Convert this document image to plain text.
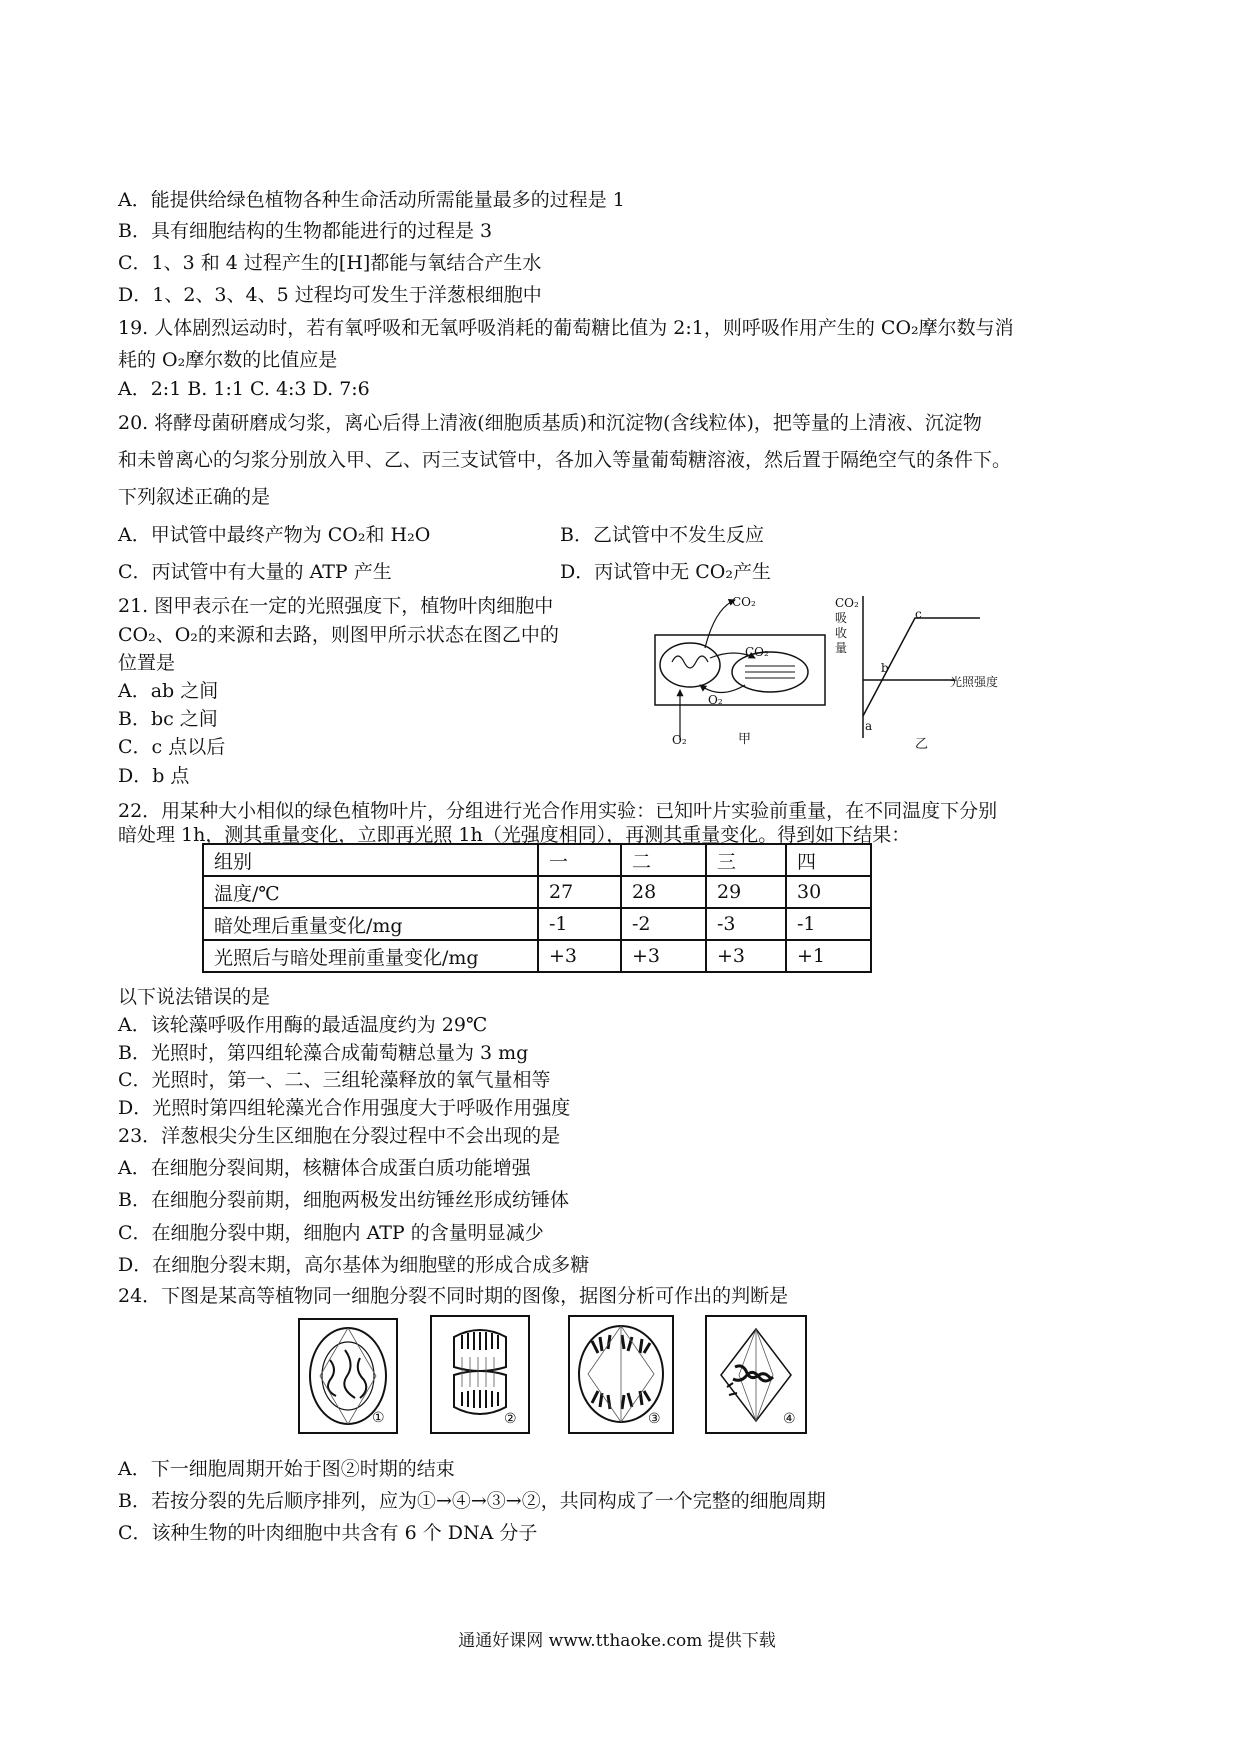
A．能提供给绿色植物各种生命活动所需能量最多的过程是 1
B．具有细胞结构的生物都能进行的过程是 3
C．1、3 和 4 过程产生的[H]都能与氧结合产生水
D．1、2、3、4、5 过程均可发生于洋葱根细胞中
19. 人体剧烈运动时，若有氧呼吸和无氧呼吸消耗的葡萄糖比值为 2:1，则呼吸作用产生的 CO₂摩尔数与消
耗的 O₂摩尔数的比值应是
A．2:1 B. 1:1 C. 4:3 D. 7:6
20. 将酵母菌研磨成匀浆，离心后得上清液(细胞质基质)和沉淀物(含线粒体)，把等量的上清液、沉淀物
和未曾离心的匀浆分别放入甲、乙、丙三支试管中，各加入等量葡萄糖溶液，然后置于隔绝空气的条件下。
下列叙述正确的是
A．甲试管中最终产物为 CO₂和 H₂O	B．乙试管中不发生反应
C．丙试管中有大量的 ATP 产生	D．丙试管中无 CO₂产生
21. 图甲表示在一定的光照强度下，植物叶肉细胞中
CO₂、O₂的来源和去路，则图甲所示状态在图乙中的
位置是
A．ab 之间
B．bc 之间
C．c 点以后
D．b 点
CO₂
CO₂
O₂
O₂	甲
CO₂吸收量
光照强度
a
b
c
乙
22．用某种大小相似的绿色植物叶片，分组进行光合作用实验：已知叶片实验前重量，在不同温度下分别
暗处理 1h，测其重量变化，立即再光照 1h（光强度相同），再测其重量变化。得到如下结果：
组别	一	二	三	四
温度/℃	27	28	29	30
暗处理后重量变化/mg	-1	-2	-3	-1
光照后与暗处理前重量变化/mg	+3	+3	+3	+1
以下说法错误的是
A．该轮藻呼吸作用酶的最适温度约为 29℃
B．光照时，第四组轮藻合成葡萄糖总量为 3 mg
C．光照时，第一、二、三组轮藻释放的氧气量相等
D．光照时第四组轮藻光合作用强度大于呼吸作用强度
23．洋葱根尖分生区细胞在分裂过程中不会出现的是
A．在细胞分裂间期，核糖体合成蛋白质功能增强
B．在细胞分裂前期，细胞两极发出纺锤丝形成纺锤体
C．在细胞分裂中期，细胞内 ATP 的含量明显减少
D．在细胞分裂末期，高尔基体为细胞壁的形成合成多糖
24．下图是某高等植物同一细胞分裂不同时期的图像，据图分析可作出的判断是
①	②	③	④
A．下一细胞周期开始于图②时期的结束
B．若按分裂的先后顺序排列，应为①→④→③→②，共同构成了一个完整的细胞周期
C．该种生物的叶肉细胞中共含有 6 个 DNA 分子
通通好课网 www.tthaoke.com 提供下载
